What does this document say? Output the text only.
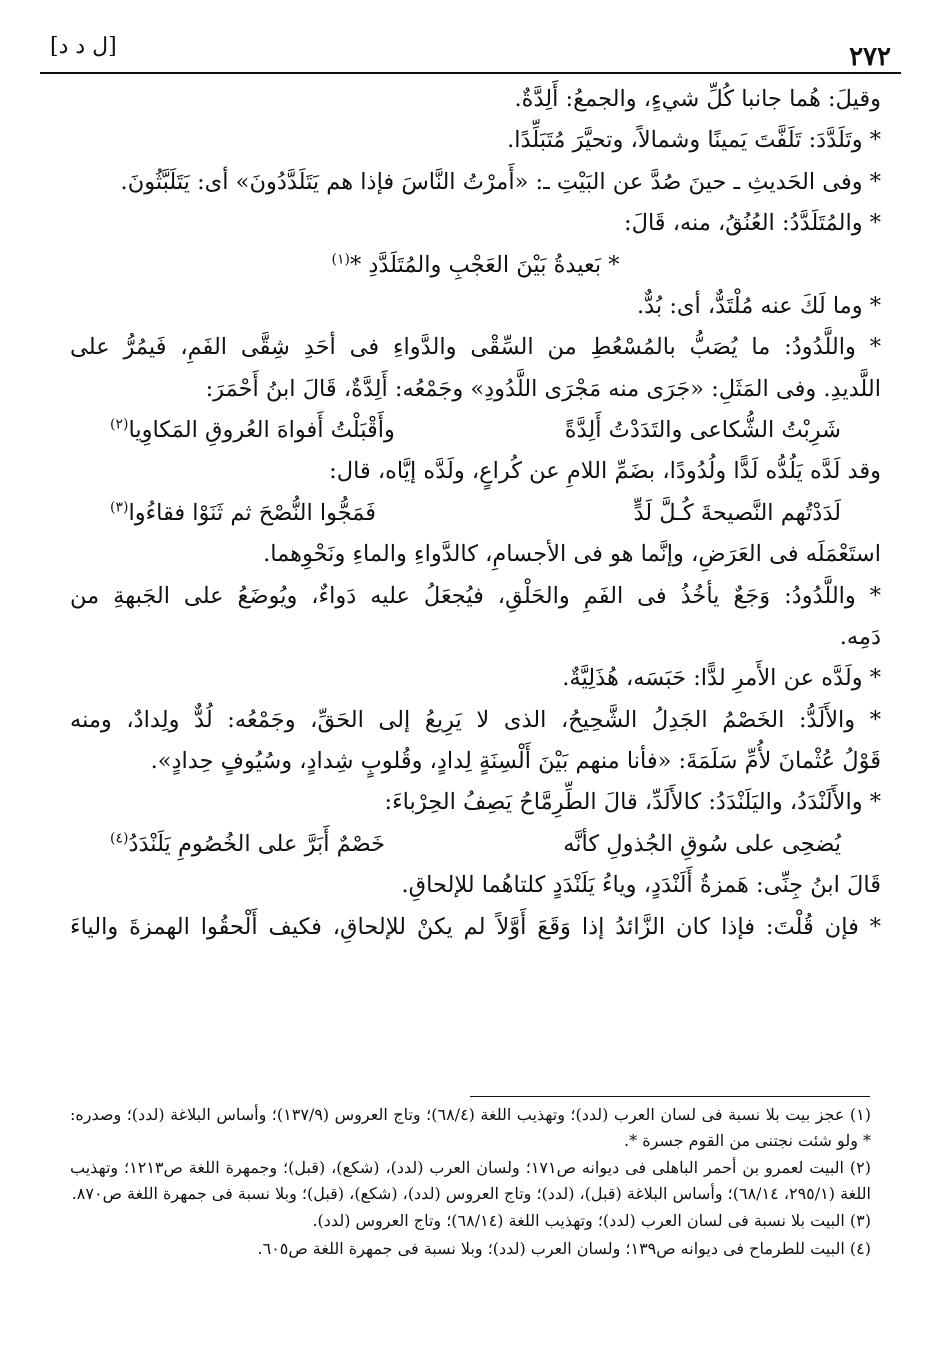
٢٧٢
[ل د د]
وقيلَ: هُما جانبا كُلِّ شيءٍ، والجمعُ: أَلِدَّةٌ.
* وتَلَدَّدَ: تَلَفَّتَ يَمينًا وشمالاً، وتحيَّرَ مُتَبَلِّدًا.
* وفى الحَديثِ ـ حينَ صُدَّ عن البَيْتِ ـ: «أَمرْتُ النَّاسَ فإذا هم يَتَلَدَّدُونَ» أى: يَتَلَبَّثُونَ.
* والمُتَلَدَّدُ: العُنُقُ، منه، قَالَ:
* بَعيدةُ بَيْنَ العَجْبِ والمُتَلَدَّدِ *$^{(١)}$
* وما لَكَ عنه مُلْتَدٌّ، أى: بُدٌّ.
* واللَّدُودُ: ما يُصَبُّ بالمُسْعُطِ من السِّقْى والدَّواءِ فى أحَدِ شِقَّى الفَمِ، فَيمُرُّ على
اللَّديدِ. وفى المَثَلِ: «جَرَى منه مَجْرَى اللَّدُودِ» وجَمْعُه: أَلِدَّةٌ، قَالَ ابنُ أَحْمَرَ:
شَرِبْتُ الشُّكاعى والتَدَدْتُ أَلِدَّةً
وأَقْبَلْتُ أَفواهَ العُروقِ المَكاوِيا$^{(٢)}$
وقد لَدَّه يَلُدُّه لَدًّا ولُدُودًا، بضَمِّ اللامِ عن كُراعٍ، ولَدَّه إيَّاه، قال:
لَدَدْتُهم النَّصيحةَ كُـلَّ لَدٍّ
فَمَجُّوا النُّصْحَ ثم ثَنَوْا فقاءُوا$^{(٣)}$
استَعْمَلَه فى العَرَضِ، وإنَّما هو فى الأجسامِ، كالدَّواءِ والماءِ ونَحْوِهما.
* واللَّدُودُ: وَجَعٌ يأخُذُ فى الفَمِ والحَلْقِ، فيُجعَلُ عليه دَواءٌ، ويُوضَعُ على الجَبهةِ من
دَمِه.
* ولَدَّه عن الأَمرِ لدًّا: حَبَسَه، هُذَلِيَّةٌ.
* والأَلَدُّ: الخَصْمُ الجَدِلُ الشَّحِيحُ، الذى لا يَرِيعُ إلى الحَقِّ، وجَمْعُه: لُدٌّ ولِدادٌ، ومنه
قَوْلُ عُثْمانَ لأُمِّ سَلَمَةَ: «فأنا منهم بَيْنَ أَلْسِنَةٍ لِدادٍ، وقُلوبٍ شِدادٍ، وسُيُوفٍ حِدادٍ».
* والأَلَنْدَدُ، واليَلَنْدَدُ: كالأَلَدِّ، قالَ الطِّرِمَّاحُ يَصِفُ الحِرْباءَ:
يُضحِى على سُوقِ الجُذولِ كأنَّه
خَصْمٌ أَبَرَّ على الخُصُومِ يَلَنْدَدُ$^{(٤)}$
قَالَ ابنُ جِنِّى: هَمزةُ أَلَنْدَدٍ، وياءُ يَلَنْدَدٍ كلتاهُما للإلحاقِ.
* فإن قُلْتَ: فإذا كان الزَّائدُ إذا وَقَعَ أَوَّلاً لم يكنْ للإلحاقِ، فكيف أَلْحقُوا الهمزةَ والياءَ
(١) عجز بيت بلا نسبة فى لسان العرب (لدد)؛ وتهذيب اللغة (٦٨/٤)؛ وتاج العروس (١٣٧/٩)؛ وأساس البلاغة (لدد)؛ وصدره: * ولو شئت نجتنى من القوم جسرة *.
(٢) البيت لعمرو بن أحمر الباهلى فى ديوانه ص١٧١؛ ولسان العرب (لدد)، (شكع)، (قبل)؛ وجمهرة اللغة ص١٢١٣؛ وتهذيب اللغة (٢٩٥/١، ٦٨/١٤)؛ وأساس البلاغة (قبل)، (لدد)؛ وتاج العروس (لدد)، (شكع)، (قبل)؛ وبلا نسبة فى جمهرة اللغة ص٨٧٠.
(٣) البيت بلا نسبة فى لسان العرب (لدد)؛ وتهذيب اللغة (٦٨/١٤)؛ وتاج العروس (لدد).
(٤) البيت للطرماح فى ديوانه ص١٣٩؛ ولسان العرب (لدد)؛ وبلا نسبة فى جمهرة اللغة ص٦٠٥.
